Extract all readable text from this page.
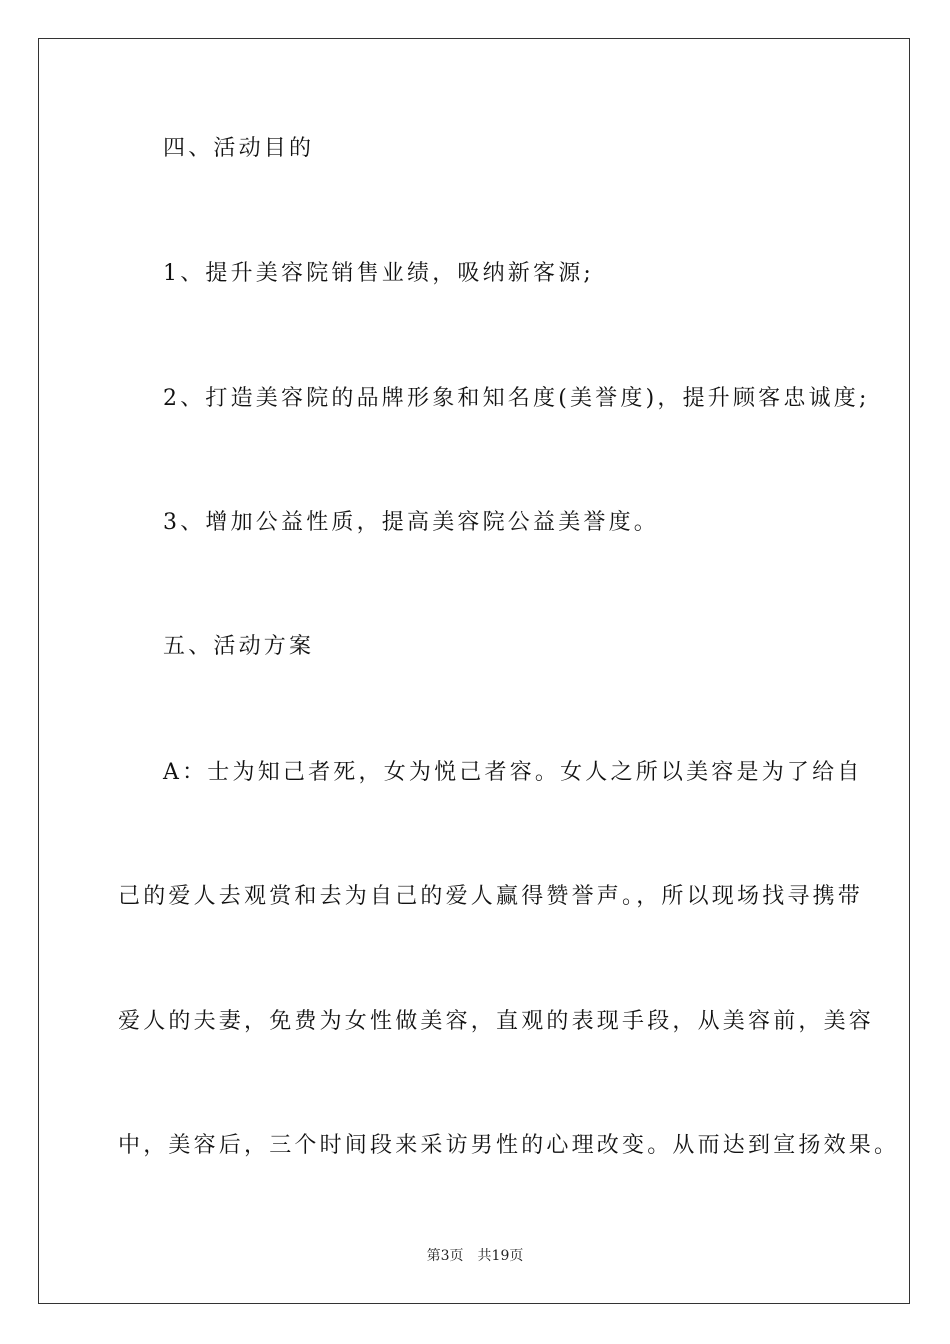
四、活动目的
1、提升美容院销售业绩，吸纳新客源;
2、打造美容院的品牌形象和知名度(美誉度)，提升顾客忠诚度;
3、增加公益性质，提高美容院公益美誉度。
五、活动方案
A：士为知己者死，女为悦己者容。女人之所以美容是为了给自
己的爱人去观赏和去为自己的爱人赢得赞誉声。，所以现场找寻携带
爱人的夫妻，免费为女性做美容，直观的表现手段，从美容前，美容
中，美容后，三个时间段来采访男性的心理改变。从而达到宣扬效果。
第3页　共19页
